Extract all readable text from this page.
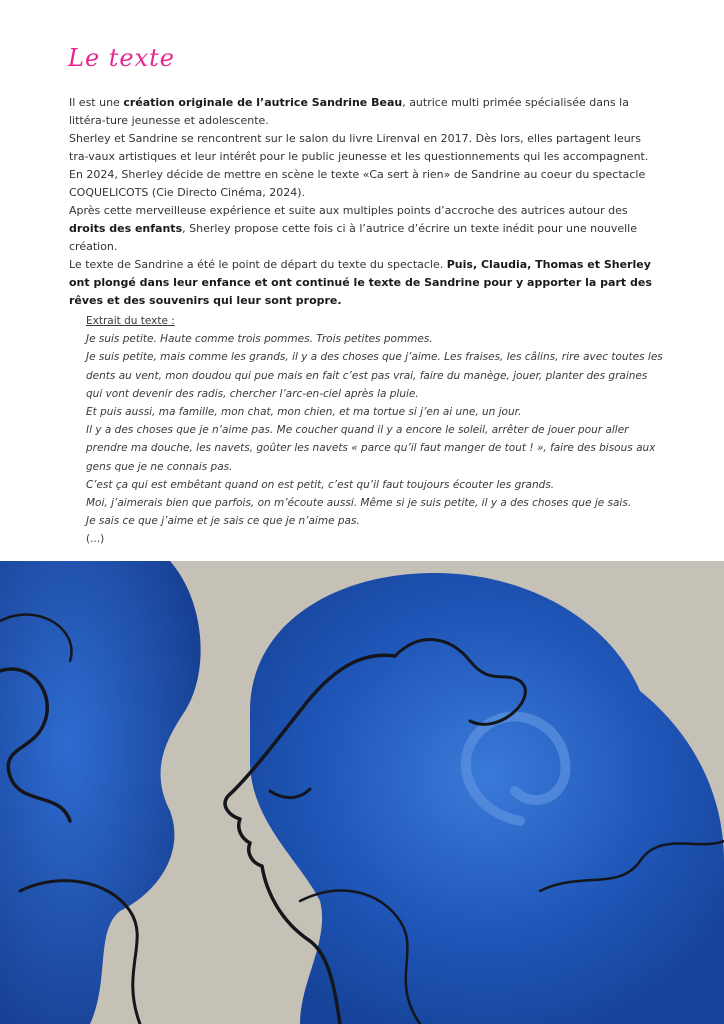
Le texte

Il est une création originale de l’autrice Sandrine Beau, autrice multi primée spécialisée dans la littéra-ture jeunesse et adolescente.

Sherley et Sandrine se rencontrent sur le salon du livre Lirenval en 2017. Dès lors, elles partagent leurs tra-vaux artistiques et leur intérêt pour le public jeunesse et les questionnements qui les accompagnent.

En 2024, Sherley décide de mettre en scène le texte «Ca sert à rien» de Sandrine au coeur du spectacle COQUELICOTS (Cie Directo Cinéma, 2024).

Après cette merveilleuse expérience et suite aux multiples points d’accroche des autrices autour des droits des enfants, Sherley propose cette fois ci à l’autrice d’écrire un texte inédit pour une nouvelle création.

Le texte de Sandrine a été le point de départ du texte du spectacle. Puis, Claudia, Thomas et Sherley ont plongé dans leur enfance et ont continué le texte de Sandrine pour y apporter la part des rêves et des souvenirs qui leur sont propre.

Extrait du texte :

Je suis petite. Haute comme trois pommes. Trois petites pommes.

Je suis petite, mais comme les grands, il y a des choses que j’aime. Les fraises, les câlins, rire avec toutes les dents au vent, mon doudou qui pue mais en fait c’est pas vrai, faire du manège, jouer, planter des graines qui vont devenir des radis, chercher l’arc-en-ciel après la pluie.

Et puis aussi, ma famille, mon chat, mon chien, et ma tortue si j’en ai une, un jour.

Il y a des choses que je n’aime pas. Me coucher quand il y a encore le soleil, arrêter de jouer pour aller prendre ma douche, les navets, goûter les navets « parce qu’il faut manger de tout ! », faire des bisous aux gens que je ne connais pas.

C’est ça qui est embêtant quand on est petit, c’est qu’il faut toujours écouter les grands.

Moi, j’aimerais bien que parfois, on m’écoute aussi. Même si je suis petite, il y a des choses que je sais.

Je sais ce que j’aime et je sais ce que je n’aime pas.

(...)
